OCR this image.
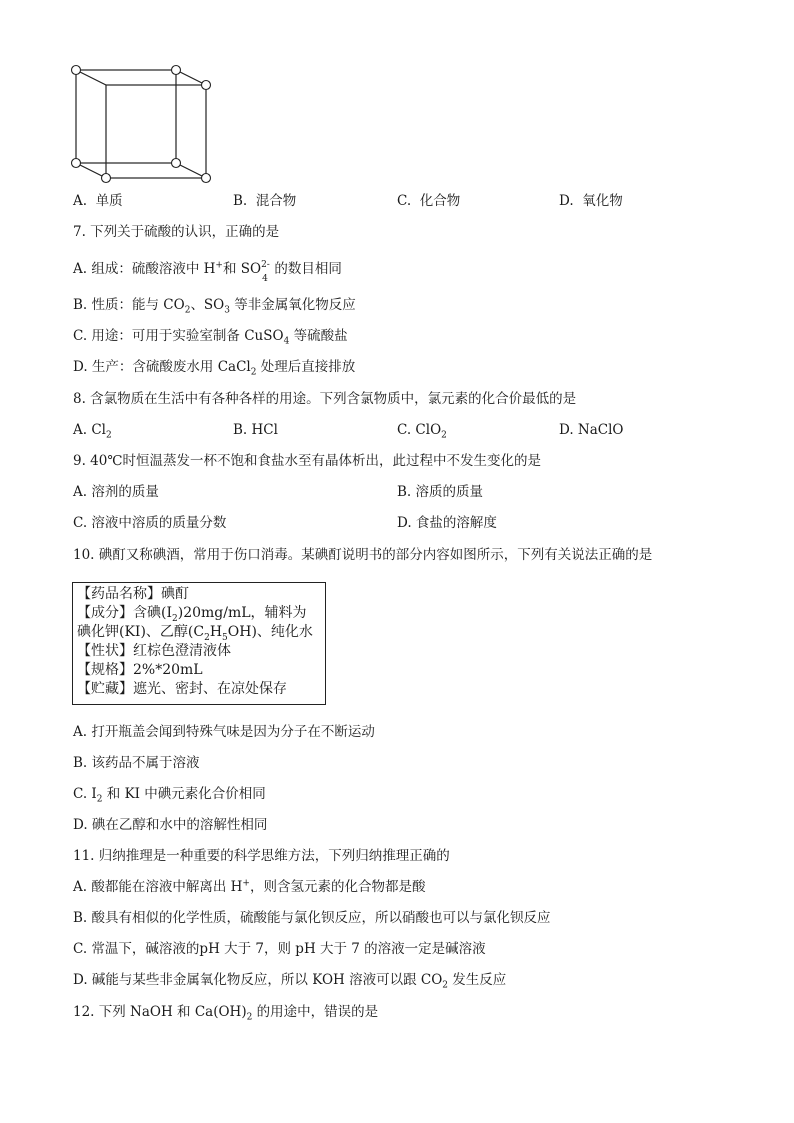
A. 单质	B. 混合物	C. 化合物	D. 氧化物
7. 下列关于硫酸的认识，正确的是
A. 组成：硫酸溶液中 H+和 SO 2-
4
的数目相同
B. 性质：能与 $CO_2$、$SO_3$ 等非金属氧化物反应
C. 用途：可用于实验室制备 CuSO$_4$ 等硫酸盐
D. 生产：含硫酸废水用 CaCl$_2$ 处理后直接排放
8. 含氯物质在生活中有各种各样的用途。下列含氯物质中，氯元素的化合价最低的是
A. $Cl_2$	B. HCl	C. ClO$_2$	D. NaClO
9. 40℃时恒温蒸发一杯不饱和食盐水至有晶体析出，此过程中不发生变化的是
A. 溶剂的质量	B. 溶质的质量
C. 溶液中溶质的质量分数	D. 食盐的溶解度
10. 碘酊又称碘酒，常用于伤口消毒。某碘酊说明书的部分内容如图所示，下列有关说法正确的是
【药品名称】碘酊
【成分】含碘$(I_2)20mg/mL$，辅料为
碘化钾(KI)、乙醇$(C_2H_5OH)$、纯化水
【性状】红棕色澄清液体
【规格】2%*20mL
【贮藏】遮光、密封、在凉处保存
A. 打开瓶盖会闻到特殊气味是因为分子在不断运动
B. 该药品不属于溶液
C. $I_2$ 和 KI 中碘元素化合价相同
D. 碘在乙醇和水中的溶解性相同
11. 归纳推理是一种重要的科学思维方法，下列归纳推理正确的
A. 酸都能在溶液中解离出 H+，则含氢元素的化合物都是酸
B. 酸具有相似的化学性质，硫酸能与氯化钡反应，所以硝酸也可以与氯化钡反应
C. 常温下，碱溶液的pH 大于 7，则 pH 大于 7 的溶液一定是碱溶液
D. 碱能与某些非金属氧化物反应，所以 KOH 溶液可以跟 $CO_2$ 发生反应
12. 下列 NaOH 和 $Ca(OH)_2$ 的用途中，错误的是
